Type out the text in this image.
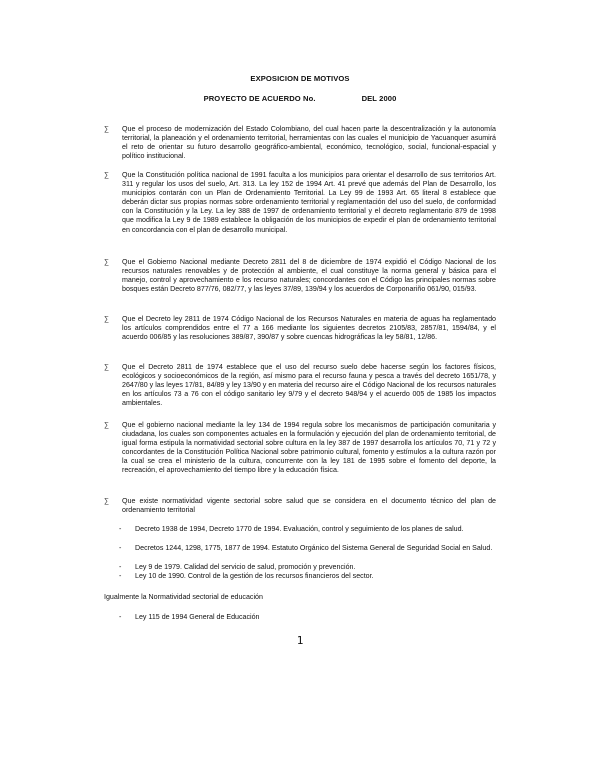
EXPOSICION DE MOTIVOS
PROYECTO DE ACUERDO No.	DEL 2000
∑ Que el proceso de modernización del Estado Colombiano, del cual hacen parte la descentralización y la autonomía territorial, la planeación y el ordenamiento territorial, herramientas con las cuales el municipio de Yacuanquer asumirá el reto de orientar su futuro desarrollo geográfico-ambiental, económico, tecnológico, social, funcional-espacial y político institucional.
∑ Que la Constitución política nacional de 1991 faculta a los municipios para orientar el desarrollo de sus territorios Art. 311 y regular los usos del suelo, Art. 313. La ley 152 de 1994 Art. 41 prevé que además del Plan de Desarrollo, los municipios contarán con un Plan de Ordenamiento Territorial. La Ley 99 de 1993 Art. 65 literal 8 establece que deberán dictar sus propias normas sobre ordenamiento territorial y reglamentación del uso del suelo, de conformidad con la Constitución y la Ley. La ley 388 de 1997 de ordenamiento territorial y el decreto reglamentario 879 de 1998 que modifica la Ley 9 de 1989 establece la obligación de los municipios de expedir el plan de ordenamiento territorial en concordancia con el plan de desarrollo municipal.
∑ Que el Gobierno Nacional mediante Decreto 2811 del 8 de diciembre de 1974 expidió el Código Nacional de los recursos naturales renovables y de protección al ambiente, el cual constituye la norma general y básica para el manejo, control y aprovechamiento e los recurso naturales; concordantes con el Código las principales normas sobre bosques están Decreto 877/76, 082/77, y las leyes 37/89, 139/94 y los acuerdos de Corponariño 061/90, 015/93.
∑ Que el Decreto ley 2811 de 1974 Código Nacional de los Recursos Naturales en materia de aguas ha reglamentado los artículos comprendidos entre el 77 a 166 mediante los siguientes decretos 2105/83, 2857/81, 1594/84, y el acuerdo 006/85 y las resoluciones 389/87, 390/87 y sobre cuencas hidrográficas la ley 58/81, 12/86.
∑ Que el Decreto 2811 de 1974 establece que el uso del recurso suelo debe hacerse según los factores físicos, ecológicos y socioeconómicos de la región, así mismo para el recurso fauna y pesca a través del decreto 1651/78, y 2647/80 y las leyes 17/81, 84/89 y ley 13/90 y en materia del recurso aire el Código Nacional de los recursos naturales en los artículos 73 a 76 con el código sanitario ley 9/79 y el decreto 948/94 y el acuerdo 005 de 1985 los impactos ambientales.
∑ Que el gobierno nacional mediante la ley 134 de 1994 regula sobre los mecanismos de participación comunitaria y ciudadana, los cuales son componentes actuales en la formulación y ejecución del plan de ordenamiento territorial, de igual forma estipula la normatividad sectorial sobre cultura en la ley 387 de 1997 desarrolla los artículos 70, 71 y 72 y concordantes de la Constitución Política Nacional sobre patrimonio cultural, fomento y estímulos a la cultura razón por la cual se crea el ministerio de la cultura, concurrente con la ley 181 de 1995 sobre el fomento del deporte, la recreación, el aprovechamiento del tiempo libre y la educación física.
∑ Que existe normatividad vigente sectorial sobre salud que se considera en el documento técnico del plan de ordenamiento territorial
- Decreto 1938 de 1994, Decreto 1770 de 1994. Evaluación, control y seguimiento de los planes de salud.
- Decretos 1244, 1298, 1775, 1877 de 1994. Estatuto Orgánico del Sistema General de Seguridad Social en Salud.
- Ley 9 de 1979. Calidad del servicio de salud, promoción y prevención.
- Ley 10 de 1990. Control de la gestión de los recursos financieros del sector.
Igualmente la Normatividad sectorial de educación
- Ley 115 de 1994 General de Educación
1
